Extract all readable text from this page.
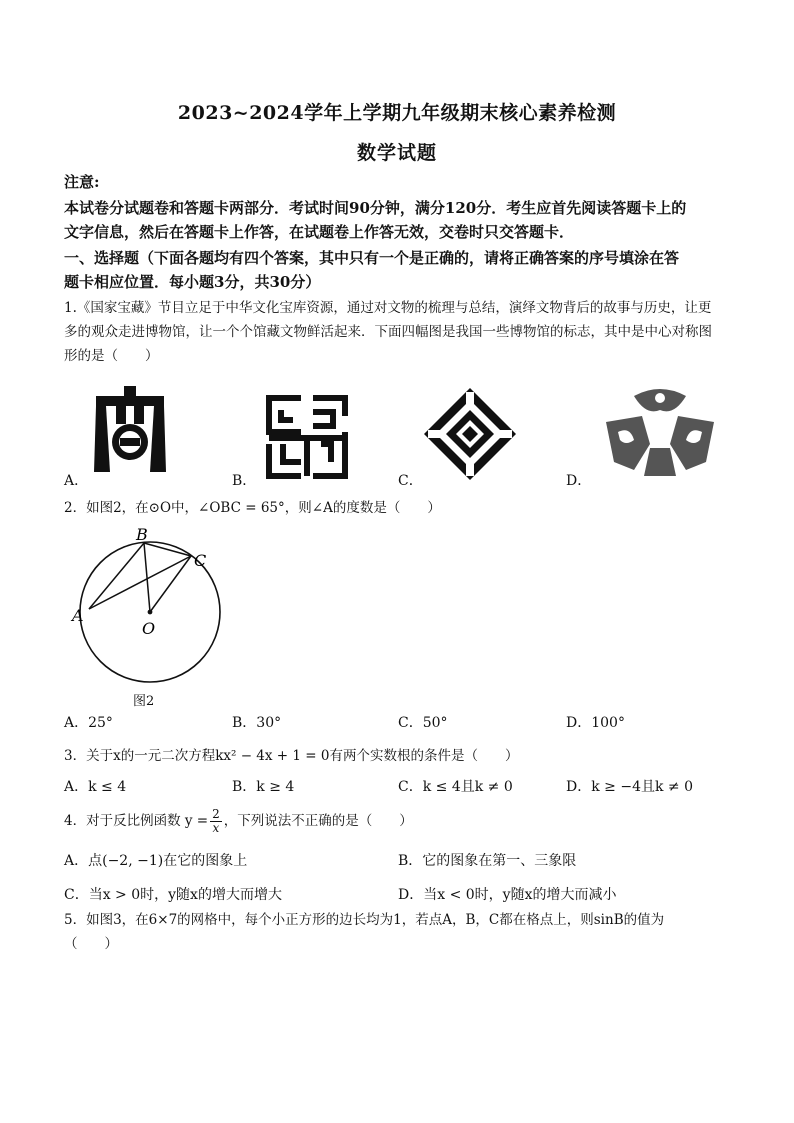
2023~2024学年上学期九年级期末核心素养检测
数学试题
注意:
本试卷分试题卷和答题卡两部分．考试时间90分钟，满分120分．考生应首先阅读答题卡上的
文字信息，然后在答题卡上作答，在试题卷上作答无效，交卷时只交答题卡．
一、选择题（下面各题均有四个答案，其中只有一个是正确的，请将正确答案的序号填涂在答
题卡相应位置．每小题3分，共30分）
1.《国家宝藏》节目立足于中华文化宝库资源，通过对文物的梳理与总结，演绎文物背后的故事与历史，让更
多的观众走进博物馆，让一个个馆藏文物鲜活起来．下面四幅图是我国一些博物馆的标志，其中是中心对称图
形的是（　　）
A．	B．	C．	D．
2．如图2，在⊙O中，∠OBC = 65°，则∠A的度数是（　　）
B
C
A
O
图2
A．25°	B．30°	C．50°	D．100°
3．关于x的一元二次方程kx² − 4x + 1 = 0有两个实数根的条件是（　　）
A．k ≤ 4	B．k ≥ 4	C．k ≤ 4且k ≠ 0	D．k ≥ −4且k ≠ 0
4．对于反比例函数 $y = \frac{2}{x}$ ，下列说法不正确的是（　　）
A．点(−2, −1)在它的图象上	B．它的图象在第一、三象限
C．当x > 0时，y随x的增大而增大	D．当x < 0时，y随x的增大而减小
5．如图3，在6×7的网格中，每个小正方形的边长均为1，若点A，B，C都在格点上，则sinB的值为
（　　）
